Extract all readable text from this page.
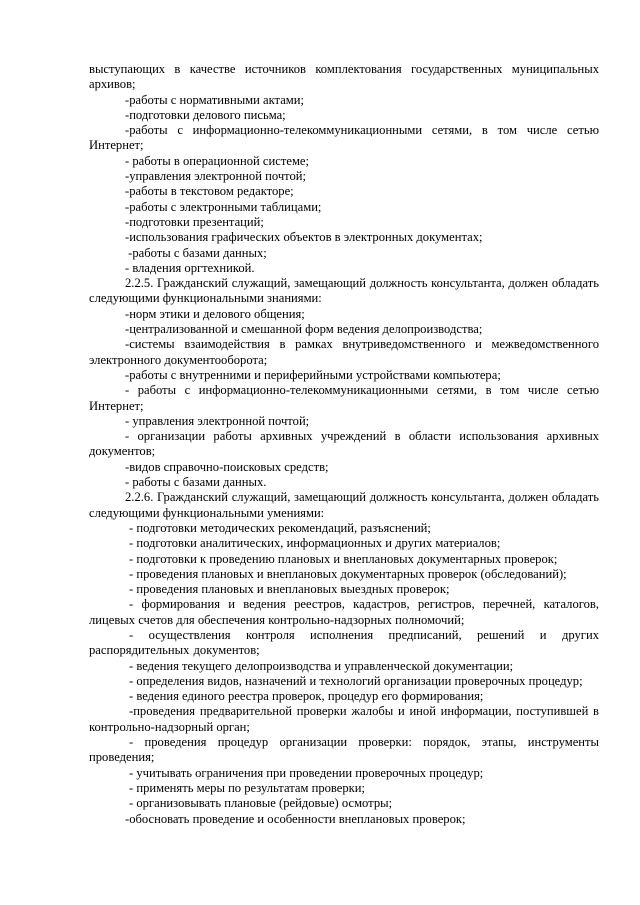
выступающих в качестве источников комплектования государственных муниципальных архивов;

-работы с нормативными актами;

-подготовки делового письма;

-работы с информационно-телекоммуникационными сетями, в том числе сетью Интернет;

- работы в операционной системе;

-управления электронной почтой;

-работы в текстовом редакторе;

-работы с электронными таблицами;

-подготовки презентаций;

-использования графических объектов в электронных документах;

-работы с базами данных;

- владения оргтехникой.

2.2.5. Гражданский служащий, замещающий должность консультанта, должен обладать следующими функциональными знаниями:

-норм этики и делового общения;

-централизованной и смешанной форм ведения делопроизводства;

-системы взаимодействия в рамках внутриведомственного и межведомственного электронного документооборота;

-работы с внутренними и периферийными устройствами компьютера;

- работы с информационно-телекоммуникационными сетями, в том числе сетью Интернет;

- управления электронной почтой;

- организации работы архивных учреждений в области использования архивных документов;

-видов справочно-поисковых средств;

- работы с базами данных.

2.2.6. Гражданский служащий, замещающий должность консультанта, должен обладать следующими функциональными умениями:

- подготовки методических рекомендаций, разъяснений;

- подготовки аналитических, информационных и других материалов;

- подготовки к проведению плановых и внеплановых документарных проверок;

- проведения плановых и внеплановых документарных проверок (обследований);

- проведения плановых и внеплановых выездных проверок;

- формирования и ведения реестров, кадастров, регистров, перечней, каталогов, лицевых счетов для обеспечения контрольно-надзорных полномочий;

- осуществления контроля исполнения предписаний, решений и других распорядительных документов;

- ведения текущего делопроизводства и управленческой документации;

- определения видов, назначений и технологий организации проверочных процедур;

- ведения единого реестра проверок, процедур его формирования;

-проведения предварительной проверки жалобы и иной информации, поступившей в контрольно-надзорный орган;

- проведения процедур организации проверки: порядок, этапы, инструменты проведения;

- учитывать ограничения при проведении проверочных процедур;

- применять меры по результатам проверки;

- организовывать плановые (рейдовые) осмотры;

-обосновать проведение и особенности внеплановых проверок;
